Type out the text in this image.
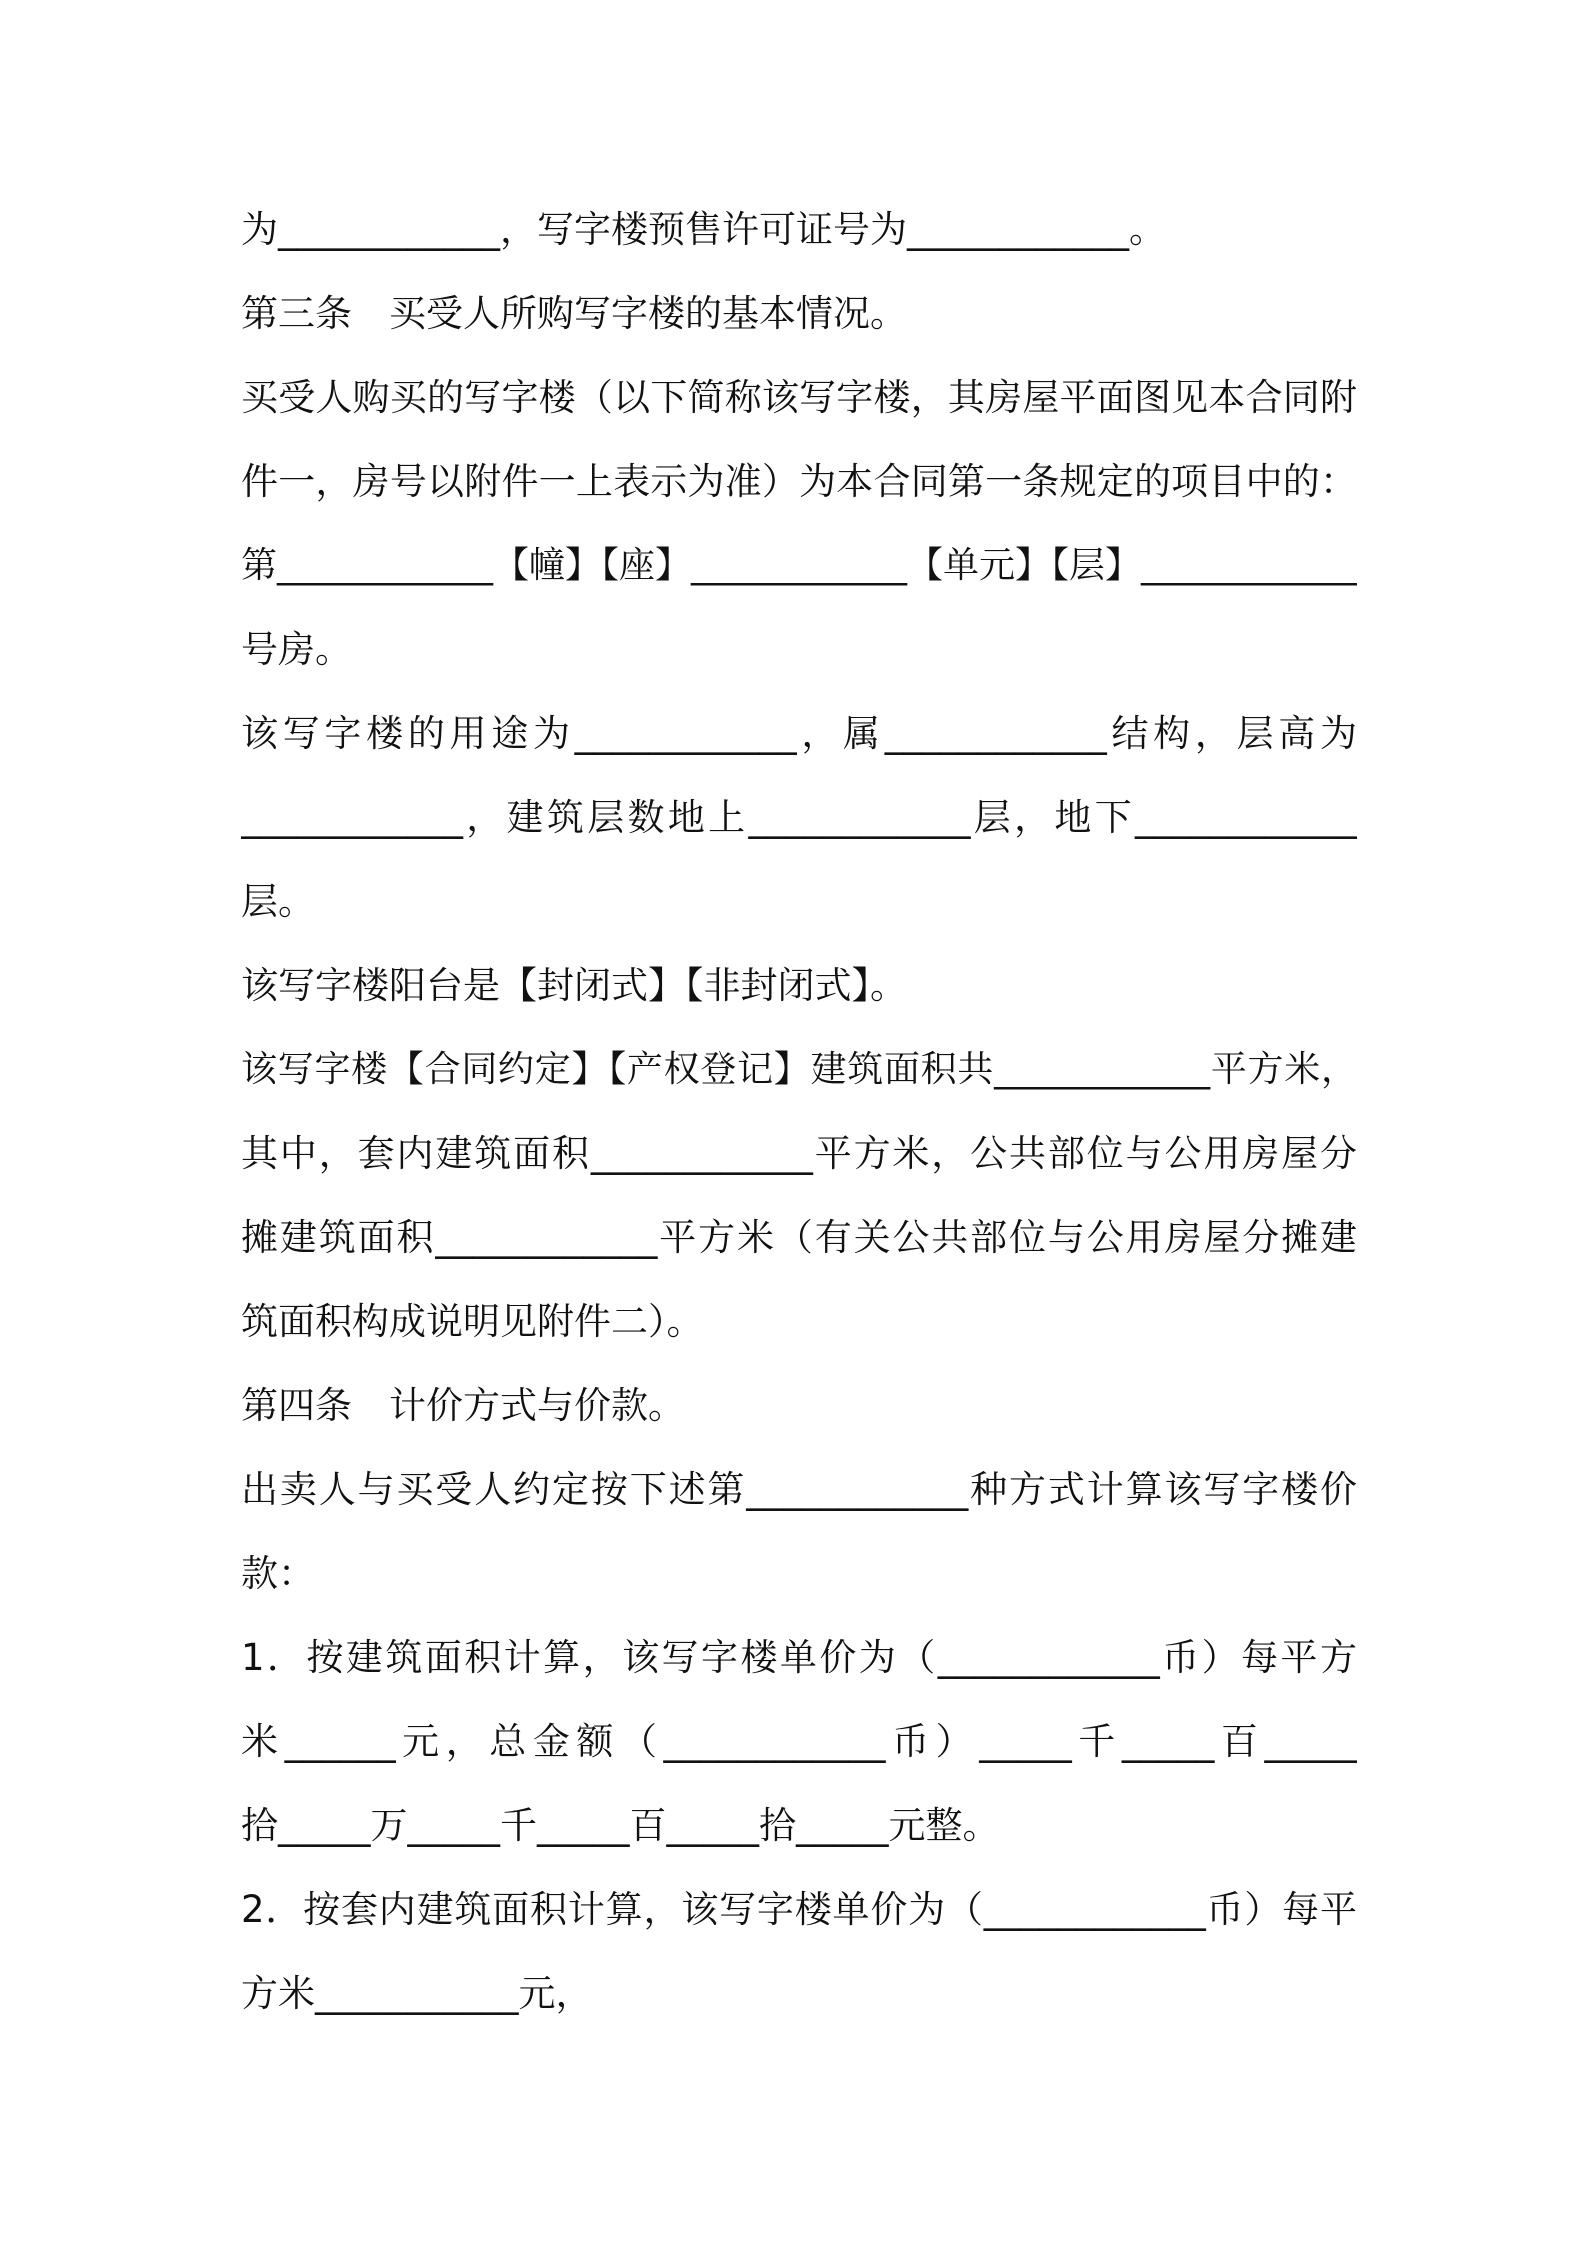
为____________，写字楼预售许可证号为____________。
第三条　买受人所购写字楼的基本情况。
买受人购买的写字楼（以下简称该写字楼，其房屋平面图见本合同附
件一，房号以附件一上表示为准）为本合同第一条规定的项目中的：
第____________【幢】【座】____________【单元】【层】____________
号房。
该写字楼的用途为____________，属____________结构，层高为
____________，建筑层数地上____________层，地下____________
层。
该写字楼阳台是【封闭式】【非封闭式】。
该写字楼【合同约定】【产权登记】建筑面积共____________平方米，
其中，套内建筑面积____________平方米，公共部位与公用房屋分
摊建筑面积____________平方米（有关公共部位与公用房屋分摊建
筑面积构成说明见附件二）。
第四条　计价方式与价款。
出卖人与买受人约定按下述第____________种方式计算该写字楼价
款：
1．按建筑面积计算，该写字楼单价为（____________币）每平方
米______元，总金额（____________币）_____千_____百_____
拾_____万_____千_____百_____拾_____元整。
2．按套内建筑面积计算，该写字楼单价为（____________币）每平
方米___________元，
